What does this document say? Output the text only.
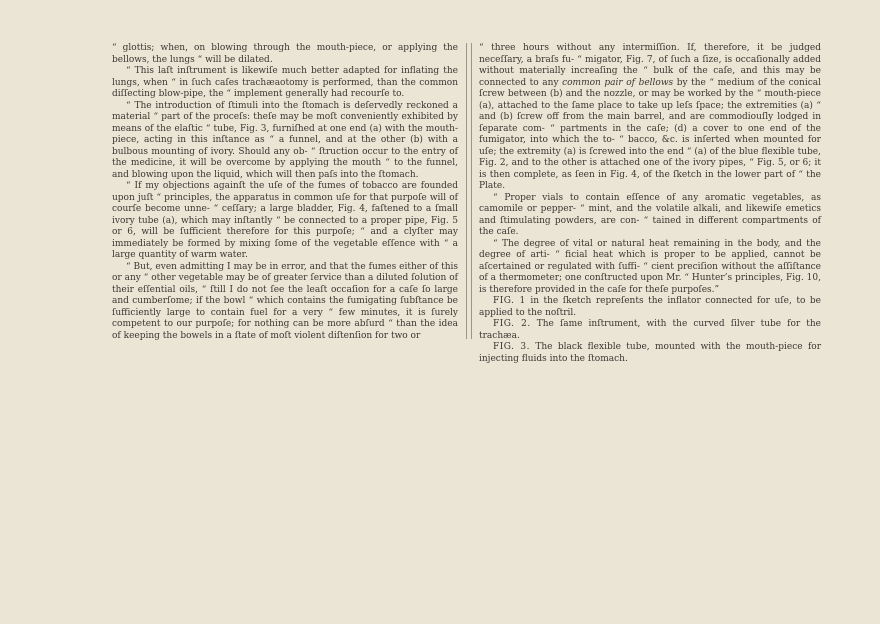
“ glottis; when, on blowing through the mouth-piece, or applying the bellows, the lungs “ will be dilated.

“ This laſt inſtrument is likewiſe much better adapted for inflating the lungs, when “ in ſuch caſes trachæaotomy is performed, than the common diſſecting blow-pipe, the “ implement generally had recourſe to.

“ The introduction of ſtimuli into the ſtomach is deſervedly reckoned a material “ part of the proceſs: theſe may be moſt conveniently exhibited by means of the elaſtic “ tube, Fig. 3, furniſhed at one end (a) with the mouth-piece, acting in this inſtance as “ a funnel, and at the other (b) with a bulbous mounting of ivory. Should any ob- “ ſtruction occur to the entry of the medicine, it will be overcome by applying the mouth “ to the funnel, and blowing upon the liquid, which will then paſs into the ſtomach.

“ If my objections againſt the uſe of the fumes of tobacco are founded upon juſt “ principles, the apparatus in common uſe for that purpoſe will of courſe become unne- “ ceſſary; a large bladder, Fig. 4, faſtened to a ſmall ivory tube (a), which may inſtantly “ be connected to a proper pipe, Fig. 5 or 6, will be ſufficient therefore for this purpoſe; “ and a clyſter may immediately be formed by mixing ſome of the vegetable eſſence with “ a large quantity of warm water.

“ But, even admitting I may be in error, and that the fumes either of this or any “ other vegetable may be of greater ſervice than a diluted ſolution of their eſſential oils, “ ſtill I do not ſee the leaſt occaſion for a caſe ſo large and cumberſome; if the bowl “ which contains the fumigating ſubſtance be ſufficiently large to contain fuel for a very “ few minutes, it is ſurely competent to our purpoſe; for nothing can be more abſurd “ than the idea of keeping the bowels in a ſtate of moſt violent diſtenſion for two or

“ three hours without any intermiſſion. If, therefore, it be judged neceſſary, a braſs fu- “ migator, Fig. 7, of ſuch a ſize, is occaſionally added without materially increaſing the “ bulk of the caſe, and this may be connected to any common pair of bellows by the “ medium of the conical ſcrew between (b) and the nozzle, or may be worked by the “ mouth-piece (a), attached to the ſame place to take up leſs ſpace; the extremities (a) “ and (b) ſcrew off from the main barrel, and are commodiouſly lodged in ſeparate com- “ partments in the caſe; (d) a cover to one end of the fumigator, into which the to- “ bacco, &c. is inſerted when mounted for uſe; the extremity (a) is ſcrewed into the end “ (a) of the blue flexible tube, Fig. 2, and to the other is attached one of the ivory pipes, “ Fig. 5, or 6; it is then complete, as ſeen in Fig. 4, of the ſketch in the lower part of “ the Plate.

“ Proper vials to contain eſſence of any aromatic vegetables, as camomile or pepper- “ mint, and the volatile alkali, and likewiſe emetics and ſtimulating powders, are con- “ tained in different compartments of the caſe.

“ The degree of vital or natural heat remaining in the body, and the degree of arti- “ ficial heat which is proper to be applied, cannot be aſcertained or regulated with ſuffi- “ cient preciſion without the aſſiſtance of a thermometer; one conſtructed upon Mr. “ Hunter’s principles, Fig. 10, is therefore provided in the caſe for theſe purpoſes.”

FIG. 1 in the ſketch repreſents the inflator connected for uſe, to be applied to the noſtril.

FIG. 2. The ſame inſtrument, with the curved ſilver tube for the trachæa.

FIG. 3. The black flexible tube, mounted with the mouth-piece for injecting fluids into the ſtomach.
